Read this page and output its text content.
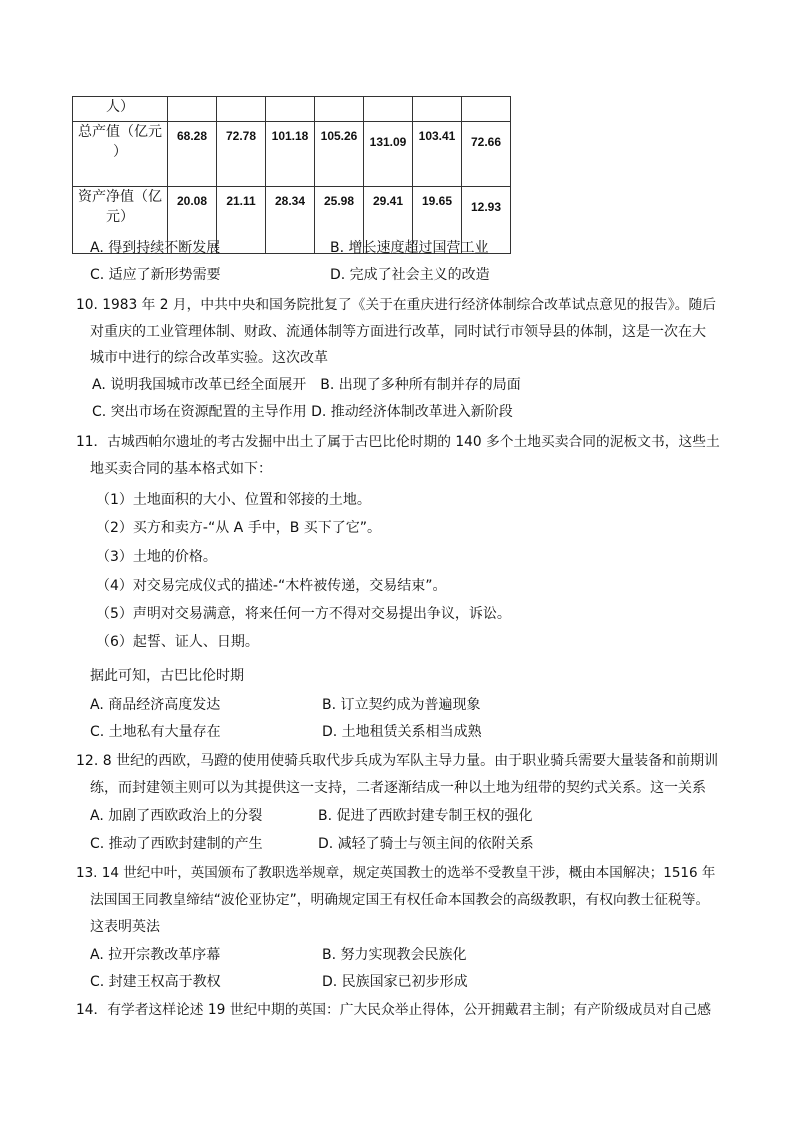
人）							

总产值（亿元
）	68.28	72.78	101.18	105.26	131.09	103.41	72.66

资产净值（亿
元）	20.08	21.11	28.34	25.98	29.41	19.65	12.93
A. 得到持续不断发展	B. 增长速度超过国营工业
C. 适应了新形势需要	D. 完成了社会主义的改造
10. 1983 年 2 月，中共中央和国务院批复了《关于在重庆进行经济体制综合改革试点意见的报告》。随后
对重庆的工业管理体制、财政、流通体制等方面进行改革，同时试行市领导县的体制，这是一次在大
城市中进行的综合改革实验。这次改革
A. 说明我国城市改革已经全面展开　B. 出现了多种所有制并存的局面
C. 突出市场在资源配置的主导作用 D. 推动经济体制改革进入新阶段
11．古城西帕尔遗址的考古发掘中出土了属于古巴比伦时期的 140 多个土地买卖合同的泥板文书，这些土
地买卖合同的基本格式如下：
（1）土地面积的大小、位置和邻接的土地。
（2）买方和卖方-“从 A 手中，B 买下了它”。
（3）土地的价格。
（4）对交易完成仪式的描述-“木杵被传递，交易结束”。
（5）声明对交易满意，将来任何一方不得对交易提出争议，诉讼。
（6）起誓、证人、日期。
据此可知，古巴比伦时期
A. 商品经济高度发达	B. 订立契约成为普遍现象
C. 土地私有大量存在	D. 土地租赁关系相当成熟
12. 8 世纪的西欧，马蹬的使用使骑兵取代步兵成为军队主导力量。由于职业骑兵需要大量装备和前期训
练，而封建领主则可以为其提供这一支持，二者逐渐结成一种以土地为纽带的契约式关系。这一关系
A. 加剧了西欧政治上的分裂	B. 促进了西欧封建专制王权的强化
C. 推动了西欧封建制的产生	D. 减轻了骑士与领主间的依附关系
13. 14 世纪中叶，英国颁布了教职选举规章，规定英国教士的选举不受教皇干涉，概由本国解决；1516 年
法国国王同教皇缔结“波伦亚协定”，明确规定国王有权任命本国教会的高级教职，有权向教士征税等。
这表明英法
A. 拉开宗教改革序幕	B. 努力实现教会民族化
C. 封建王权高于教权	D. 民族国家已初步形成
14．有学者这样论述 19 世纪中期的英国：广大民众举止得体，公开拥戴君主制；有产阶级成员对自己感
